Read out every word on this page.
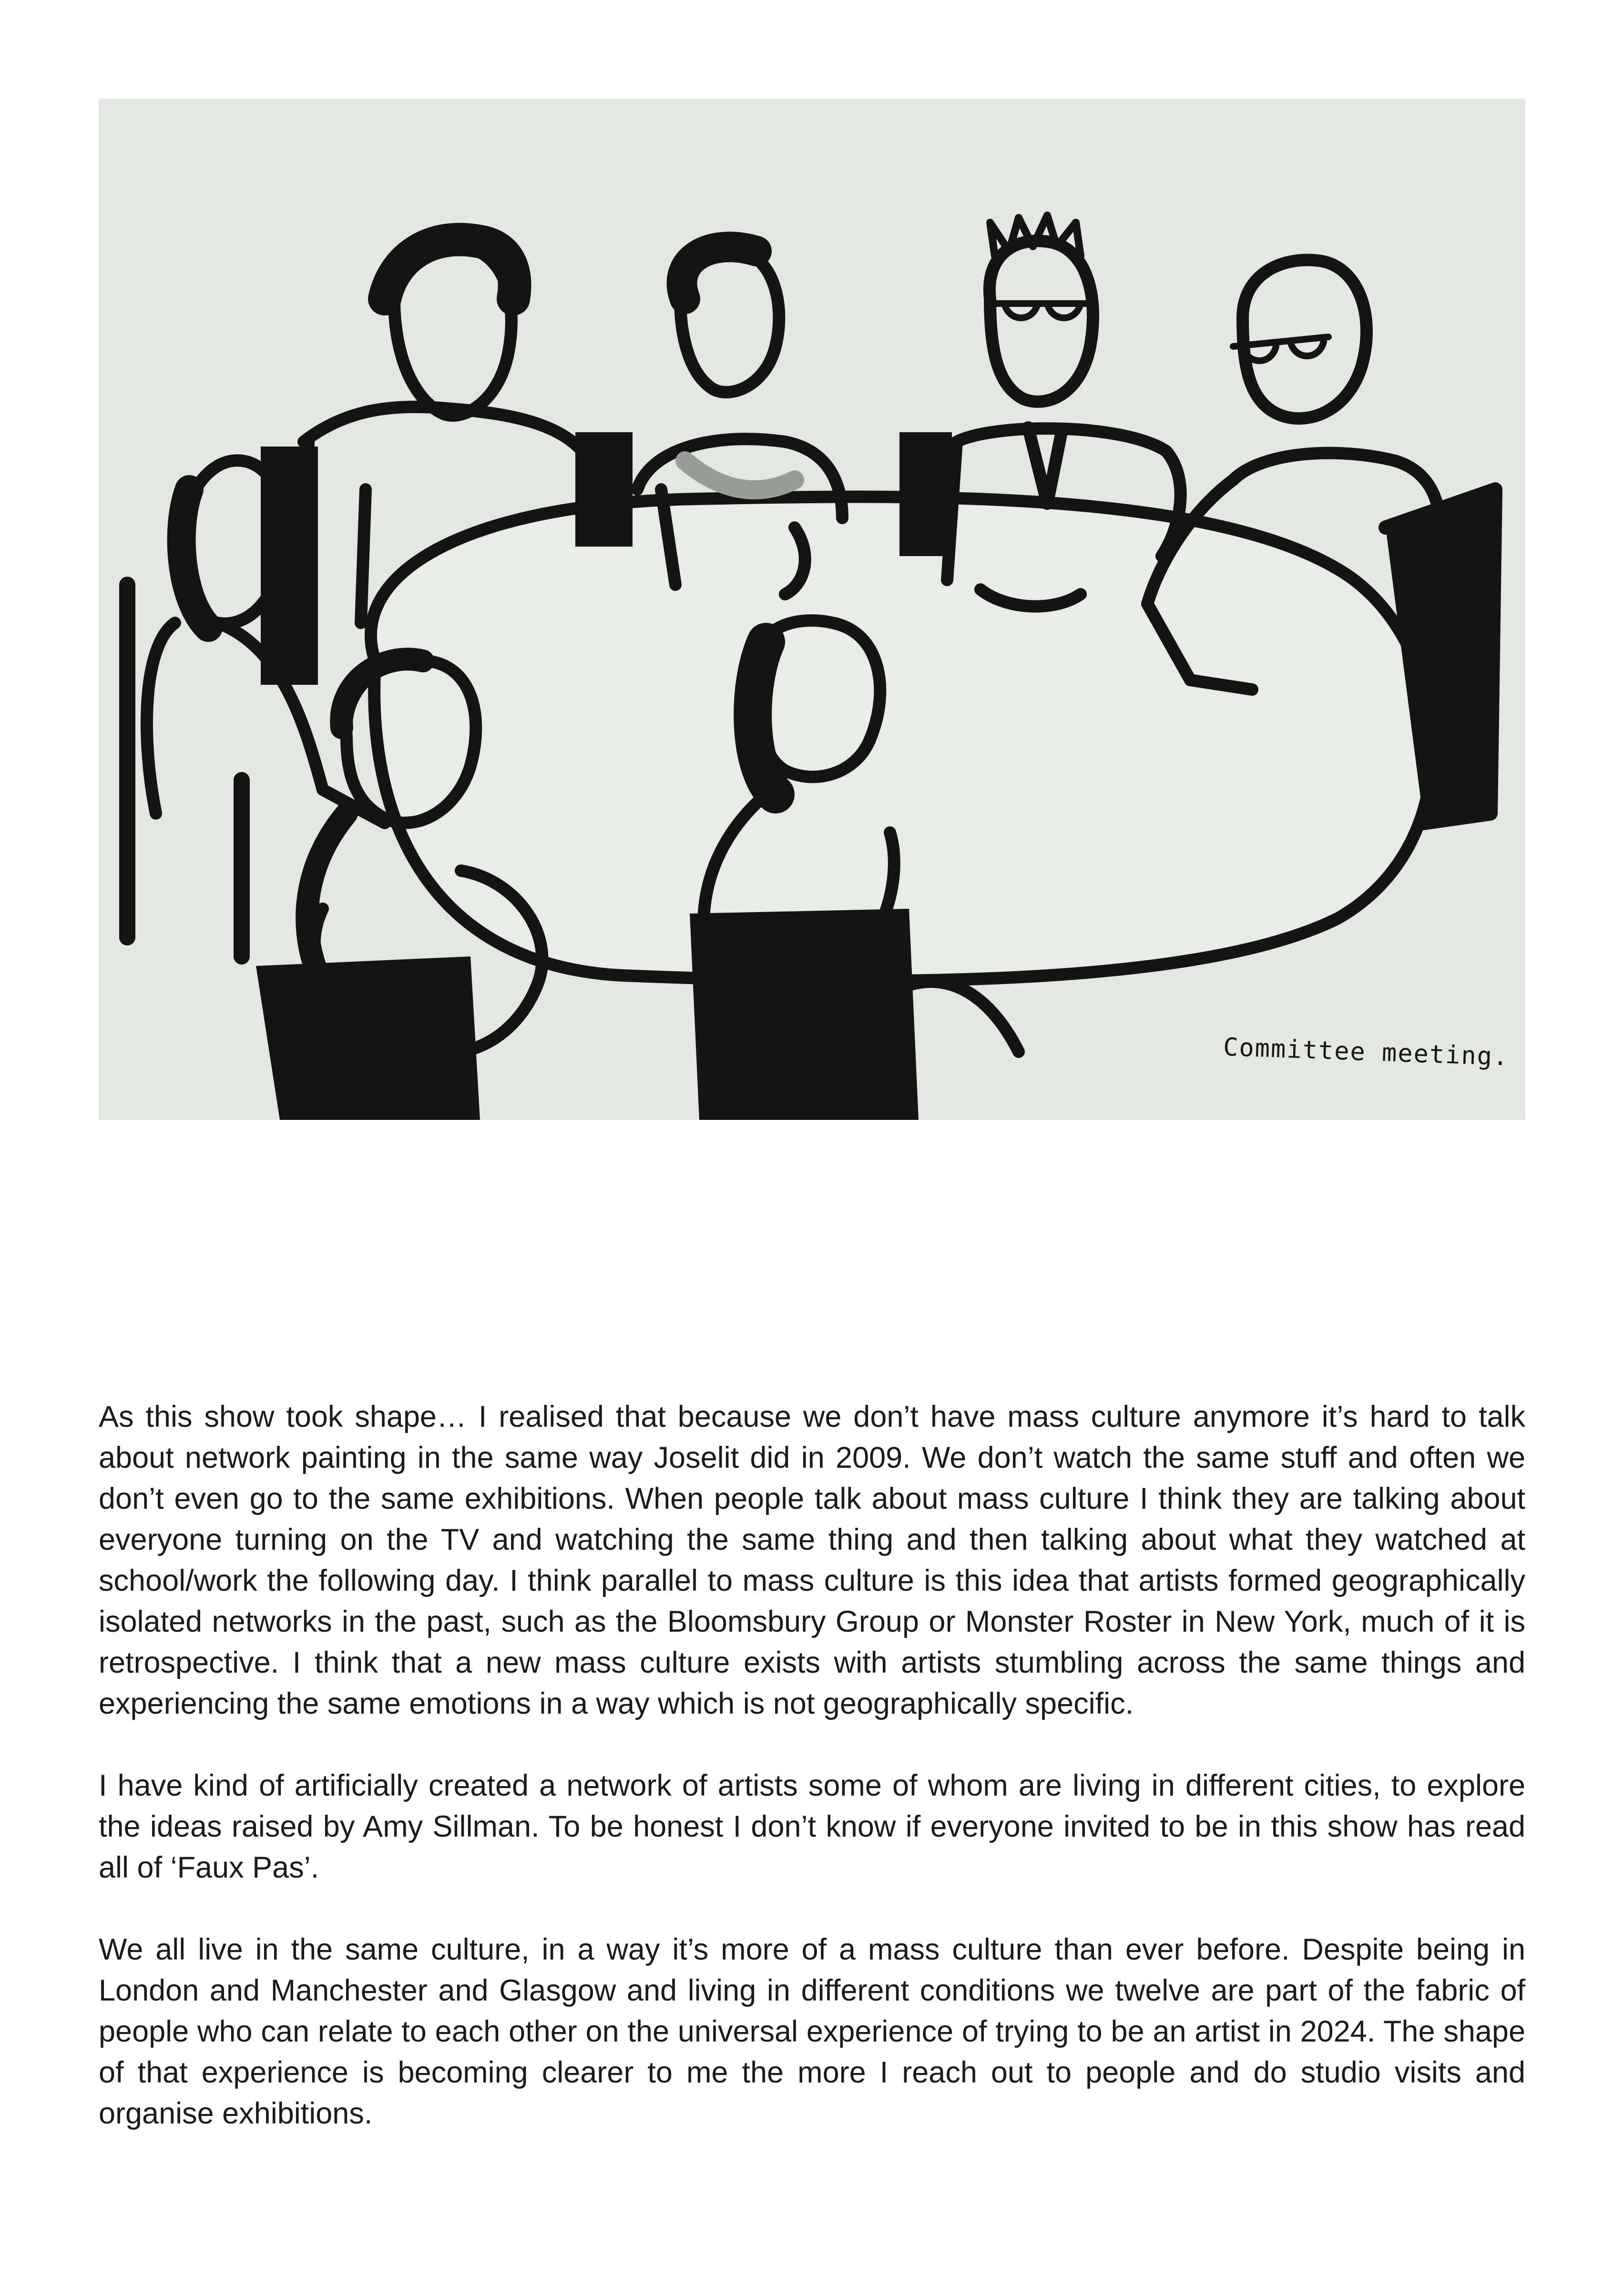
Committee meeting.

As this show took shape… I realised that because we don’t have mass culture anymore it’s hard to talk about network painting in the same way Joselit did in 2009. We don’t watch the same stuff and often we don’t even go to the same exhibitions. When people talk about mass culture I think they are talking about everyone turning on the TV and watching the same thing and then talking about what they watched at school/work the following day. I think parallel to mass culture is this idea that artists formed geographically isolated networks in the past, such as the Bloomsbury Group or Monster Roster in New York, much of it is retrospective. I think that a new mass culture exists with artists stumbling across the same things and experiencing the same emotions in a way which is not geographically specific.

I have kind of artificially created a network of artists some of whom are living in different cities, to explore the ideas raised by Amy Sillman. To be honest I don’t know if everyone invited to be in this show has read all of ‘Faux Pas’.

We all live in the same culture, in a way it’s more of a mass culture than ever before. Despite being in London and Manchester and Glasgow and living in different conditions we twelve are part of the fabric of people who can relate to each other on the universal experience of trying to be an artist in 2024. The shape of that experience is becoming clearer to me the more I reach out to people and do studio visits and organise exhibitions.
